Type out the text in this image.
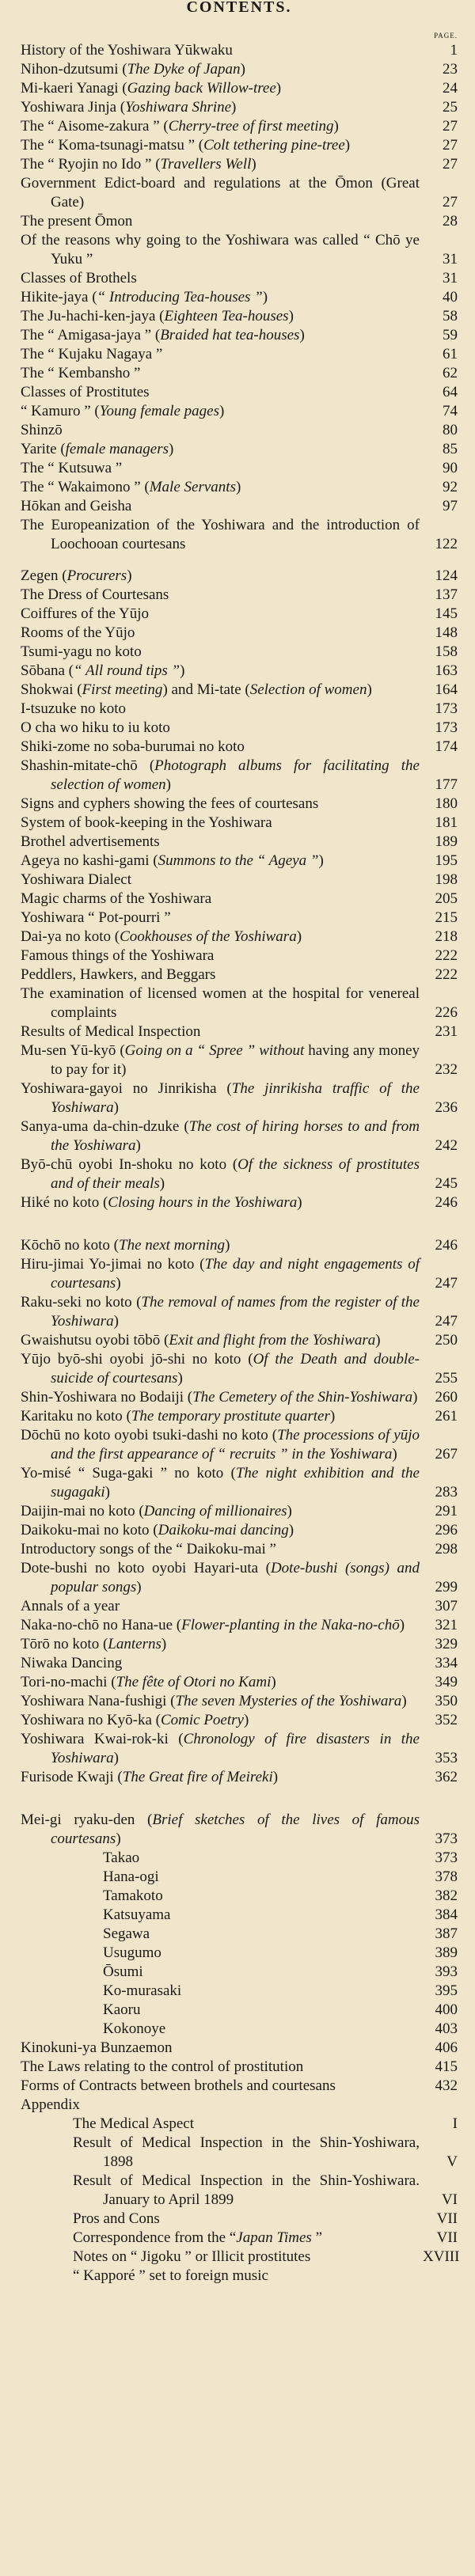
CONTENTS.
PAGE.
History of the Yoshiwara Yūkwaku	1
Nihon-dzutsumi (The Dyke of Japan)	23
Mi-kaeri Yanagi (Gazing back Willow-tree)	24
Yoshiwara Jinja (Yoshiwara Shrine)	25
The “ Aisome-zakura ” (Cherry-tree of first meeting)	27
The “ Koma-tsunagi-matsu ” (Colt tethering pine-tree)	27
The “ Ryojin no Ido ” (Travellers Well)	27
Government Edict-board and regulations at the Ōmon (Great Gate)	27
The present Ōmon	28
Of the reasons why going to the Yoshiwara was called “ Chō ye Yuku ”	31
Classes of Brothels	31
Hikite-jaya (“ Introducing Tea-houses ”)	40
The Ju-hachi-ken-jaya (Eighteen Tea-houses)	58
The “ Amigasa-jaya ” (Braided hat tea-houses)	59
The “ Kujaku Nagaya ”	61
The “ Kembansho ”	62
Classes of Prostitutes	64
“ Kamuro ” (Young female pages)	74
Shinzō	80
Yarite (female managers)	85
The “ Kutsuwa ”	90
The “ Wakaimono ” (Male Servants)	92
Hōkan and Geisha	97
The Europeanization of the Yoshiwara and the introduction of Loochooan courtesans	122
Zegen (Procurers)	124
The Dress of Courtesans	137
Coiffures of the Yūjo	145
Rooms of the Yūjo	148
Tsumi-yagu no koto	158
Sōbana (“ All round tips ”)	163
Shokwai (First meeting) and Mi-tate (Selection of women)	164
I-tsuzuke no koto	173
O cha wo hiku to iu koto	173
Shiki-zome no soba-burumai no koto	174
Shashin-mitate-chō (Photograph albums for facilitating the selection of women)	177
Signs and cyphers showing the fees of courtesans	180
System of book-keeping in the Yoshiwara	181
Brothel advertisements	189
Ageya no kashi-gami (Summons to the “ Ageya ”)	195
Yoshiwara Dialect	198
Magic charms of the Yoshiwara	205
Yoshiwara “ Pot-pourri ”	215
Dai-ya no koto (Cookhouses of the Yoshiwara)	218
Famous things of the Yoshiwara	222
Peddlers, Hawkers, and Beggars	222
The examination of licensed women at the hospital for venereal complaints	226
Results of Medical Inspection	231
Mu-sen Yū-kyō (Going on a “ Spree ” without having any money to pay for it)	232
Yoshiwara-gayoi no Jinrikisha (The jinrikisha traffic of the Yoshiwara)	236
Sanya-uma da-chin-dzuke (The cost of hiring horses to and from the Yoshiwara)	242
Byō-chū oyobi In-shoku no koto (Of the sickness of prostitutes and of their meals)	245
Hiké no koto (Closing hours in the Yoshiwara)	246
Kōchō no koto (The next morning)	246
Hiru-jimai Yo-jimai no koto (The day and night engagements of courtesans)	247
Raku-seki no koto (The removal of names from the register of the Yoshiwara)	247
Gwaishutsu oyobi tōbō (Exit and flight from the Yoshiwara)	250
Yūjo byō-shi oyobi jō-shi no koto (Of the Death and double-suicide of courtesans)	255
Shin-Yoshiwara no Bodaiji (The Cemetery of the Shin-Yoshiwara)	260
Karitaku no koto (The temporary prostitute quarter)	261
Dōchū no koto oyobi tsuki-dashi no koto (The processions of yūjo and the first appearance of “ recruits ” in the Yoshiwara)	267
Yo-misé “ Suga-gaki ” no koto (The night exhibition and the sugagaki)	283
Daijin-mai no koto (Dancing of millionaires)	291
Daikoku-mai no koto (Daikoku-mai dancing)	296
Introductory songs of the “ Daikoku-mai ”	298
Dote-bushi no koto oyobi Hayari-uta (Dote-bushi (songs) and popular songs)	299
Annals of a year	307
Naka-no-chō no Hana-ue (Flower-planting in the Naka-no-chō)	321
Tōrō no koto (Lanterns)	329
Niwaka Dancing	334
Tori-no-machi (The fête of Otori no Kami)	349
Yoshiwara Nana-fushigi (The seven Mysteries of the Yoshiwara)	350
Yoshiwara no Kyō-ka (Comic Poetry)	352
Yoshiwara Kwai-rok-ki (Chronology of fire disasters in the Yoshiwara)	353
Furisode Kwaji (The Great fire of Meireki)	362
Mei-gi ryaku-den (Brief sketches of the lives of famous courtesans)	373
Takao	373
Hana-ogi	378
Tamakoto	382
Katsuyama	384
Segawa	387
Usugumo	389
Ōsumi	393
Ko-murasaki	395
Kaoru	400
Kokonoye	403
Kinokuni-ya Bunzaemon	406
The Laws relating to the control of prostitution	415
Forms of Contracts between brothels and courtesans	432
Appendix
The Medical Aspect	I
Result of Medical Inspection in the Shin-Yoshiwara, 1898	V
Result of Medical Inspection in the Shin-Yoshiwara. January to April 1899	VI
Pros and Cons	VII
Correspondence from the “Japan Times ”	VII
Notes on “ Jigoku ” or Illicit prostitutes	XVIII
“ Kapporé ” set to foreign music
